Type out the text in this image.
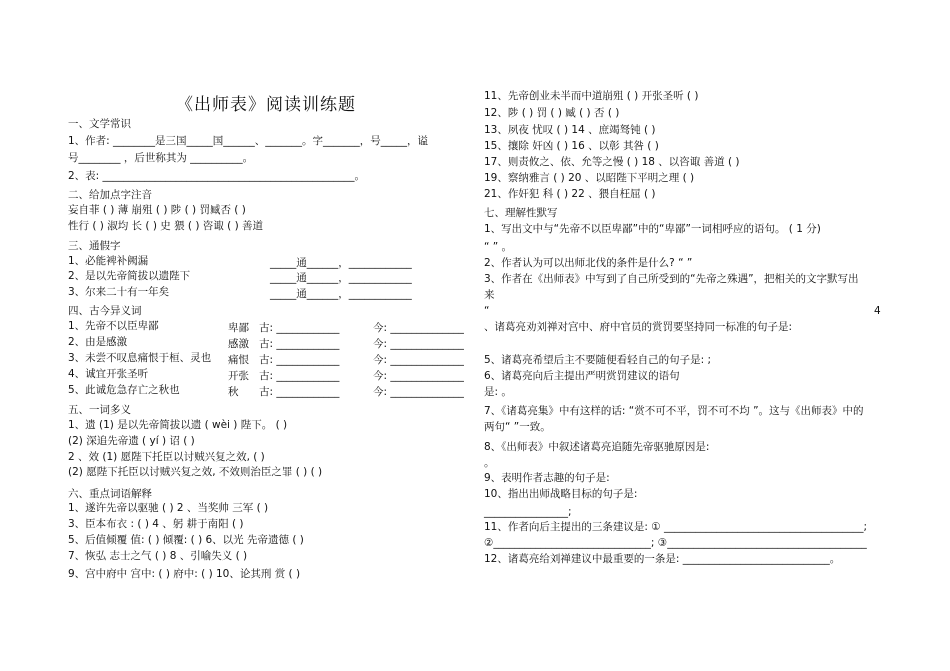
《出师表》阅读训练题
一、文学常识
1、作者: ________是三国_____国______、_______。字_______，号_____，谥
号________ ，后世称其为 __________。
2、表: ________________________________________________。
二、给加点字注音
妄自菲 ( ) 薄 崩殂 ( ) 陟 ( ) 罚臧否 ( )
性行 ( ) 淑均 长 ( ) 史 猥 ( ) 咨诹 ( ) 善道
三、通假字
1、必能裨补阙漏	_____通______，____________
2、是以先帝简拔以遗陛下	_____通______，____________
3、尔来二十有一年矣	_____通______，____________
四、古今异义词
1、先帝不以臣卑鄙	卑鄙 古: ____________	今: ______________
2、由是感激	感激 古: ____________	今: ______________
3、未尝不叹息痛恨于桓、灵也 痛恨 古: ____________	今: ______________
4、诚宜开张圣听	开张 古: ____________	今: ______________
5、此诚危急存亡之秋也	秋 古: ____________	今: ______________
五、一词多义
1、遗 (1) 是以先帝简拔以遗 ( wèi ) 陛下。 ( )
(2) 深追先帝遗 ( yí ) 诏 ( )
2 、效 (1) 愿陛下托臣以讨贼兴复之效, ( )
(2) 愿陛下托臣以讨贼兴复之效, 不效则治臣之罪 ( ) ( )
六、重点词语解释
1、遂许先帝以驱驰 ( ) 2 、当奖帅 三军 ( )
3、臣本布衣 : ( ) 4 、躬 耕于南阳 ( )
5、后值倾覆 值: ( ) 倾覆: ( ) 6、以光 先帝遗德 ( )
7、恢弘 志士之气 ( ) 8 、引喻失义 ( )
9、宫中府中 宫中: ( ) 府中: ( ) 10、论其刑 赏 ( )
11、先帝创业未半而中道崩殂 ( ) 开张圣听 ( )
12、陟 ( ) 罚 ( ) 臧 ( ) 否 ( )
13、夙夜 忧叹 ( ) 14 、庶竭驽钝 ( )
15、攘除 奸凶 ( ) 16 、以彰 其咎 ( )
17、则责攸之、依、允等之慢 ( ) 18 、以咨诹 善道 ( )
19、察纳雅言 ( ) 20 、以昭陛下平明之理 ( )
21、作奸犯 科 ( ) 22 、猥自枉屈 ( )
七、理解性默写
1、写出文中与“先帝不以臣卑鄙”中的“卑鄙”一词相呼应的语句。 ( 1 分)
“ ” 。
2、作者认为可以出师北伐的条件是什么? “ ”
3、作者在《出师表》中写到了自己所受到的“先帝之殊遇”，把相关的文字默写出
来
“	4
、诸葛亮劝刘禅对宫中、府中官员的赏罚要坚持同一标准的句子是:
5、诸葛亮希望后主不要随便看轻自己的句子是: ;
6、诸葛亮向后主提出严明赏罚建议的语句
是: 。
7、《诸葛亮集》中有这样的话: “赏不可不平，罚不可不均 ”。这与《出师表》中的
两句“ ”一致。
8、《出师表》中叙述诸葛亮追随先帝驱驰原因是:
。
9、表明作者志趣的句子是:
10、指出出师战略目标的句子是:
________________;
11、作者向后主提出的三条建议是: ① ______________________________________;
②______________________________; ③______________________________________
12、诸葛亮给刘禅建议中最重要的一条是: ____________________________。
